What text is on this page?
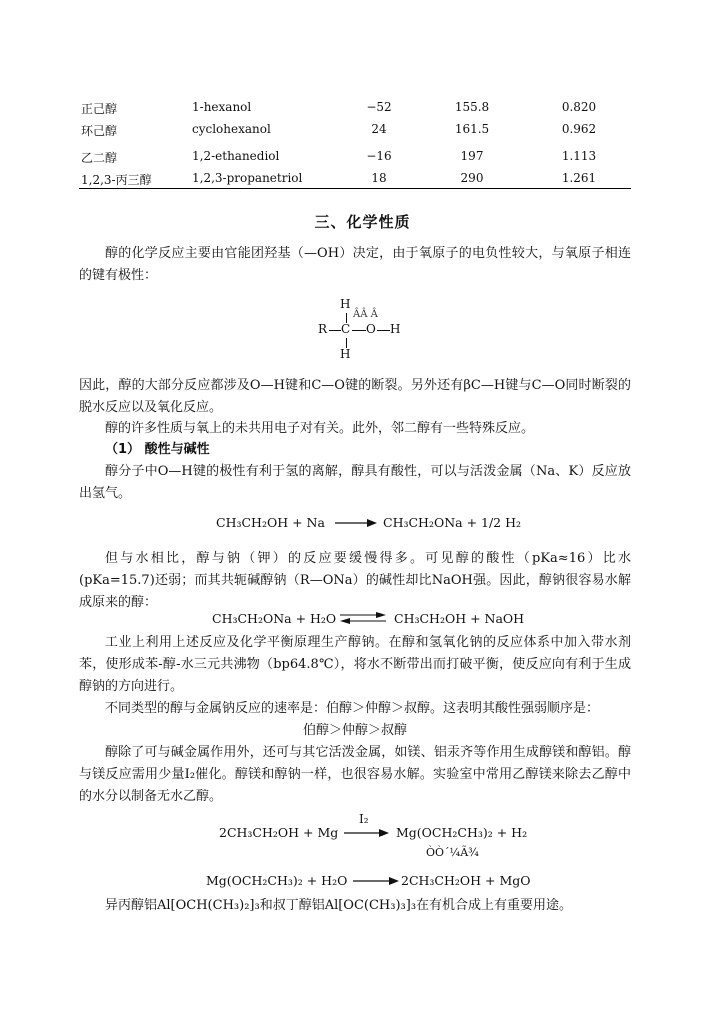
正己醇	1-hexanol	−52	155.8	0.820
环己醇	cyclohexanol	24	161.5	0.962
乙二醇	1,2-ethanediol	−16	197	1.113
1,2,3-丙三醇	1,2,3-propanetriol	18	290	1.261
三、化学性质
醇的化学反应主要由官能团羟基（—OH）决定，由于氧原子的电负性较大，与氧原子相连的键有极性：
H
ÂÂ Â
R C O H
H
因此，醇的大部分反应都涉及O—H键和C—O键的断裂。另外还有βC—H键与C—O同时断裂的脱水反应以及氧化反应。
醇的许多性质与氧上的未共用电子对有关。此外，邻二醇有一些特殊反应。
（1） 酸性与碱性
醇分子中O—H键的极性有利于氢的离解，醇具有酸性，可以与活泼金属（Na、K）反应放出氢气。
CH₃CH₂OH + Na → CH₃CH₂ONa + 1/2 H₂
但与水相比，醇与钠（钾）的反应要缓慢得多。可见醇的酸性（pKa≈16）比水(pKa=15.7)还弱；而其共轭碱醇钠（R—ONa）的碱性却比NaOH强。因此，醇钠很容易水解成原来的醇：
CH₃CH₂ONa + H₂O ⇌ CH₃CH₂OH + NaOH
工业上利用上述反应及化学平衡原理生产醇钠。在醇和氢氧化钠的反应体系中加入带水剂苯，使形成苯-醇-水三元共沸物（bp64.8℃），将水不断带出而打破平衡，使反应向有利于生成醇钠的方向进行。
不同类型的醇与金属钠反应的速率是：伯醇＞仲醇＞叔醇。这表明其酸性强弱顺序是：
伯醇＞仲醇＞叔醇
醇除了可与碱金属作用外，还可与其它活泼金属，如镁、铝汞齐等作用生成醇镁和醇铝。醇与镁反应需用少量I₂催化。醇镁和醇钠一样，也很容易水解。实验室中常用乙醇镁来除去乙醇中的水分以制备无水乙醇。
I₂
2CH₃CH₂OH + Mg → Mg(OCH₂CH₃)₂ + H₂
ÒÒ´¼Ã¾
Mg(OCH₂CH₃)₂ + H₂O → 2CH₃CH₂OH + MgO
异丙醇铝Al[OCH(CH₃)₂]₃和叔丁醇铝Al[OC(CH₃)₃]₃在有机合成上有重要用途。
